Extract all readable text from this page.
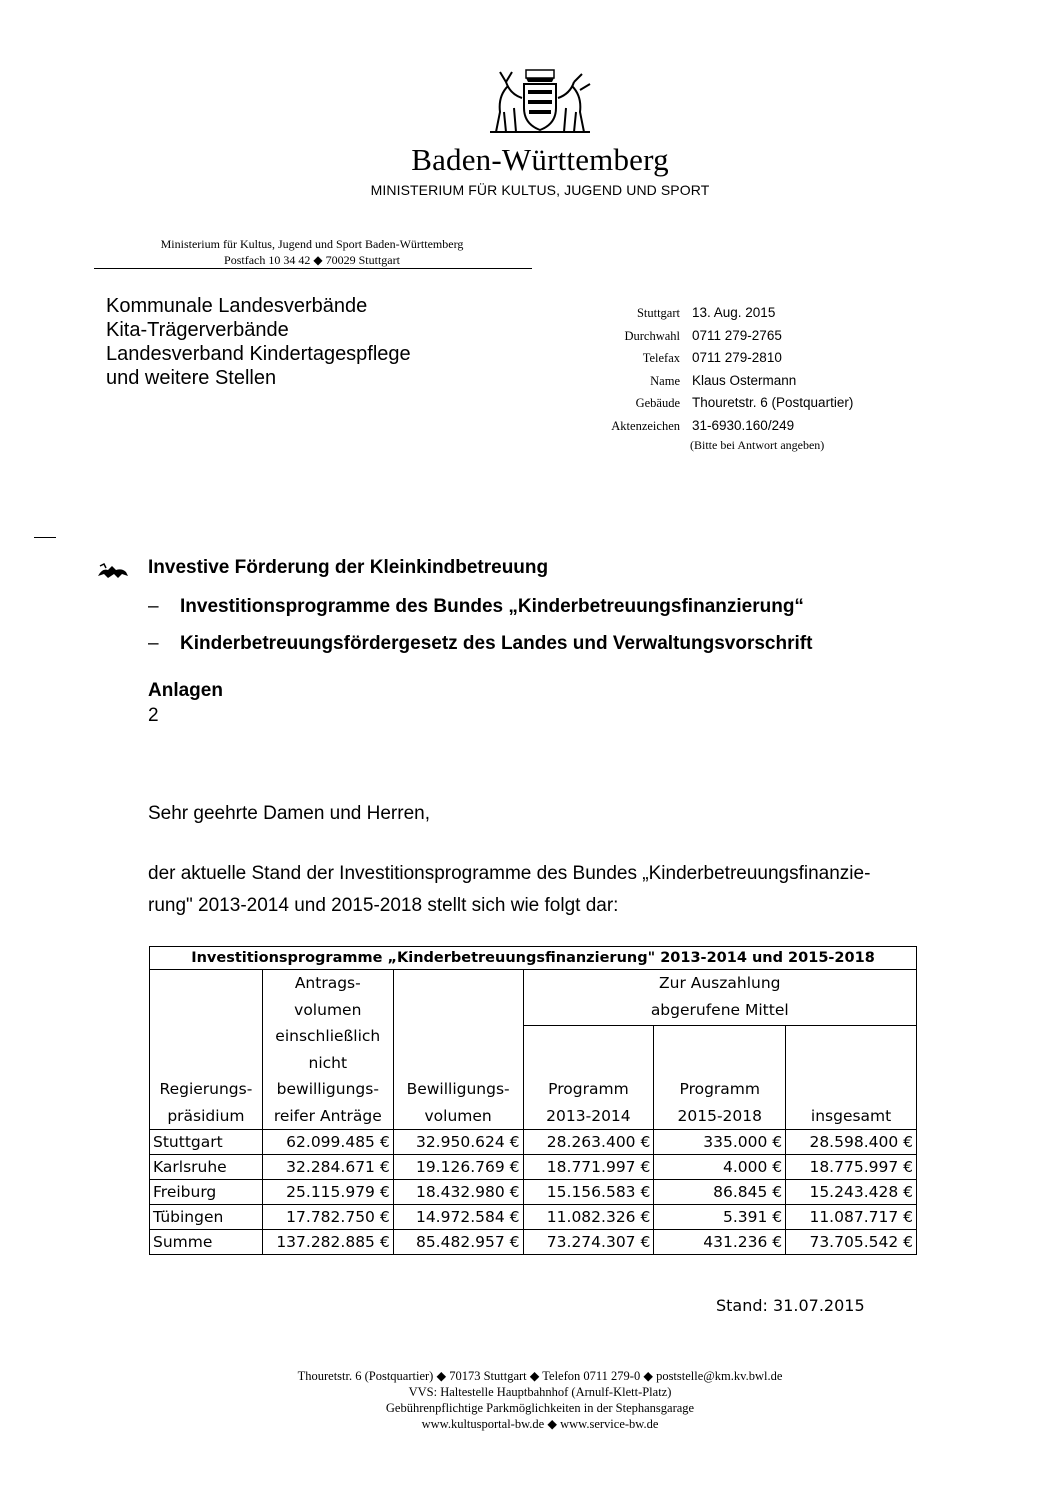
Baden-Württemberg
MINISTERIUM FÜR KULTUS, JUGEND UND SPORT
Ministerium für Kultus, Jugend und Sport Baden-Württemberg
Postfach 10 34 42 ◆ 70029 Stuttgart
Kommunale Landesverbände
Kita-Trägerverbände
Landesverband Kindertagespflege
und weitere Stellen
Stuttgart 13. Aug. 2015
Durchwahl 0711 279-2765
Telefax 0711 279-2810
Name Klaus Ostermann
Gebäude Thouretstr. 6 (Postquartier)
Aktenzeichen 31-6930.160/249
(Bitte bei Antwort angeben)
Investive Förderung der Kleinkindbetreuung
– Investitionsprogramme des Bundes „Kinderbetreuungsfinanzierung“
– Kinderbetreuungsfördergesetz des Landes und Verwaltungsvorschrift
Anlagen
2
Sehr geehrte Damen und Herren,
der aktuelle Stand der Investitionsprogramme des Bundes „Kinderbetreuungsfinanzie-
rung" 2013-2014 und 2015-2018 stellt sich wie folgt dar:
Investitionsprogramme „Kinderbetreuungsfinanzierung" 2013-2014 und 2015-2018					
Regierungs- präsidium	Antrags- volumen einschließlich nicht bewilligungs- reifer Anträge	Bewilligungs- volumen	Zur Auszahlung abgerufene Mittel		
			Programm 2013-2014	Programm 2015-2018	insgesamt
Stuttgart	62.099.485 €	32.950.624 €	28.263.400 €	335.000 €	28.598.400 €
Karlsruhe	32.284.671 €	19.126.769 €	18.771.997 €	4.000 €	18.775.997 €
Freiburg	25.115.979 €	18.432.980 €	15.156.583 €	86.845 €	15.243.428 €
Tübingen	17.782.750 €	14.972.584 €	11.082.326 €	5.391 €	11.087.717 €
Summe	137.282.885 €	85.482.957 €	73.274.307 €	431.236 €	73.705.542 €
Stand: 31.07.2015
Thouretstr. 6 (Postquartier) ◆ 70173 Stuttgart ◆ Telefon 0711 279-0 ◆ poststelle@km.kv.bwl.de
VVS: Haltestelle Hauptbahnhof (Arnulf-Klett-Platz)
Gebührenpflichtige Parkmöglichkeiten in der Stephansgarage
www.kultusportal-bw.de ◆ www.service-bw.de
